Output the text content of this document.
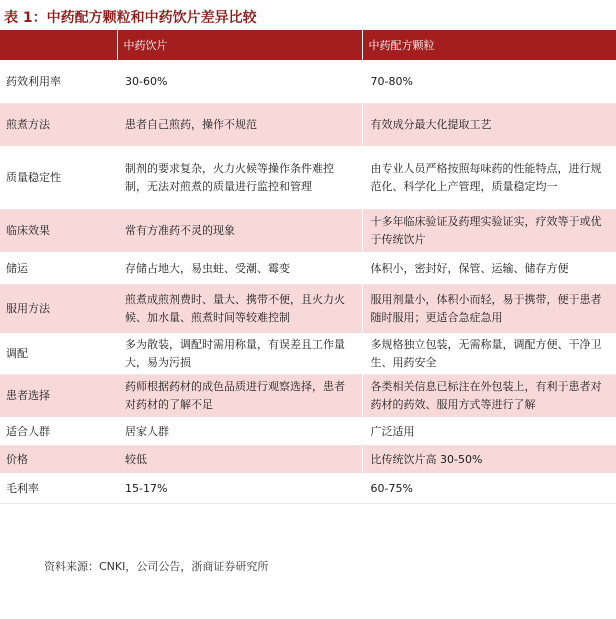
表 1：中药配方颗粒和中药饮片差异比较
	中药饮片	中药配方颗粒
药效利用率	30-60%	70-80%
煎煮方法	患者自己煎药，操作不规范	有效成分最大化提取工艺
质量稳定性	制剂的要求复杂，火力火候等操作条件难控制，无法对煎煮的质量进行监控和管理	由专业人员严格按照每味药的性能特点，进行规范化、科学化上产管理，质量稳定均一
临床效果	常有方准药不灵的现象	十多年临床验证及药理实验证实，疗效等于或优于传统饮片
储运	存储占地大，易虫蛀、受潮、霉变	体积小，密封好，保管、运输、储存方便
服用方法	煎煮成煎剂费时、量大、携带不便，且火力火候、加水量、煎煮时间等较难控制	服用剂量小，体积小而轻，易于携带，便于患者随时服用；更适合急症急用
调配	多为散装，调配时需用称量，有误差且工作量大，易为污损	多规格独立包装，无需称量，调配方便、干净卫生、用药安全
患者选择	药师根据药材的成色品质进行观察选择，患者对药材的了解不足	各类相关信息已标注在外包装上，有利于患者对药材的药效、服用方式等进行了解
适合人群	居家人群	广泛适用
价格	较低	比传统饮片高 30-50%
毛利率	15-17%	60-75%
资料来源：CNKI，公司公告，浙商证券研究所
